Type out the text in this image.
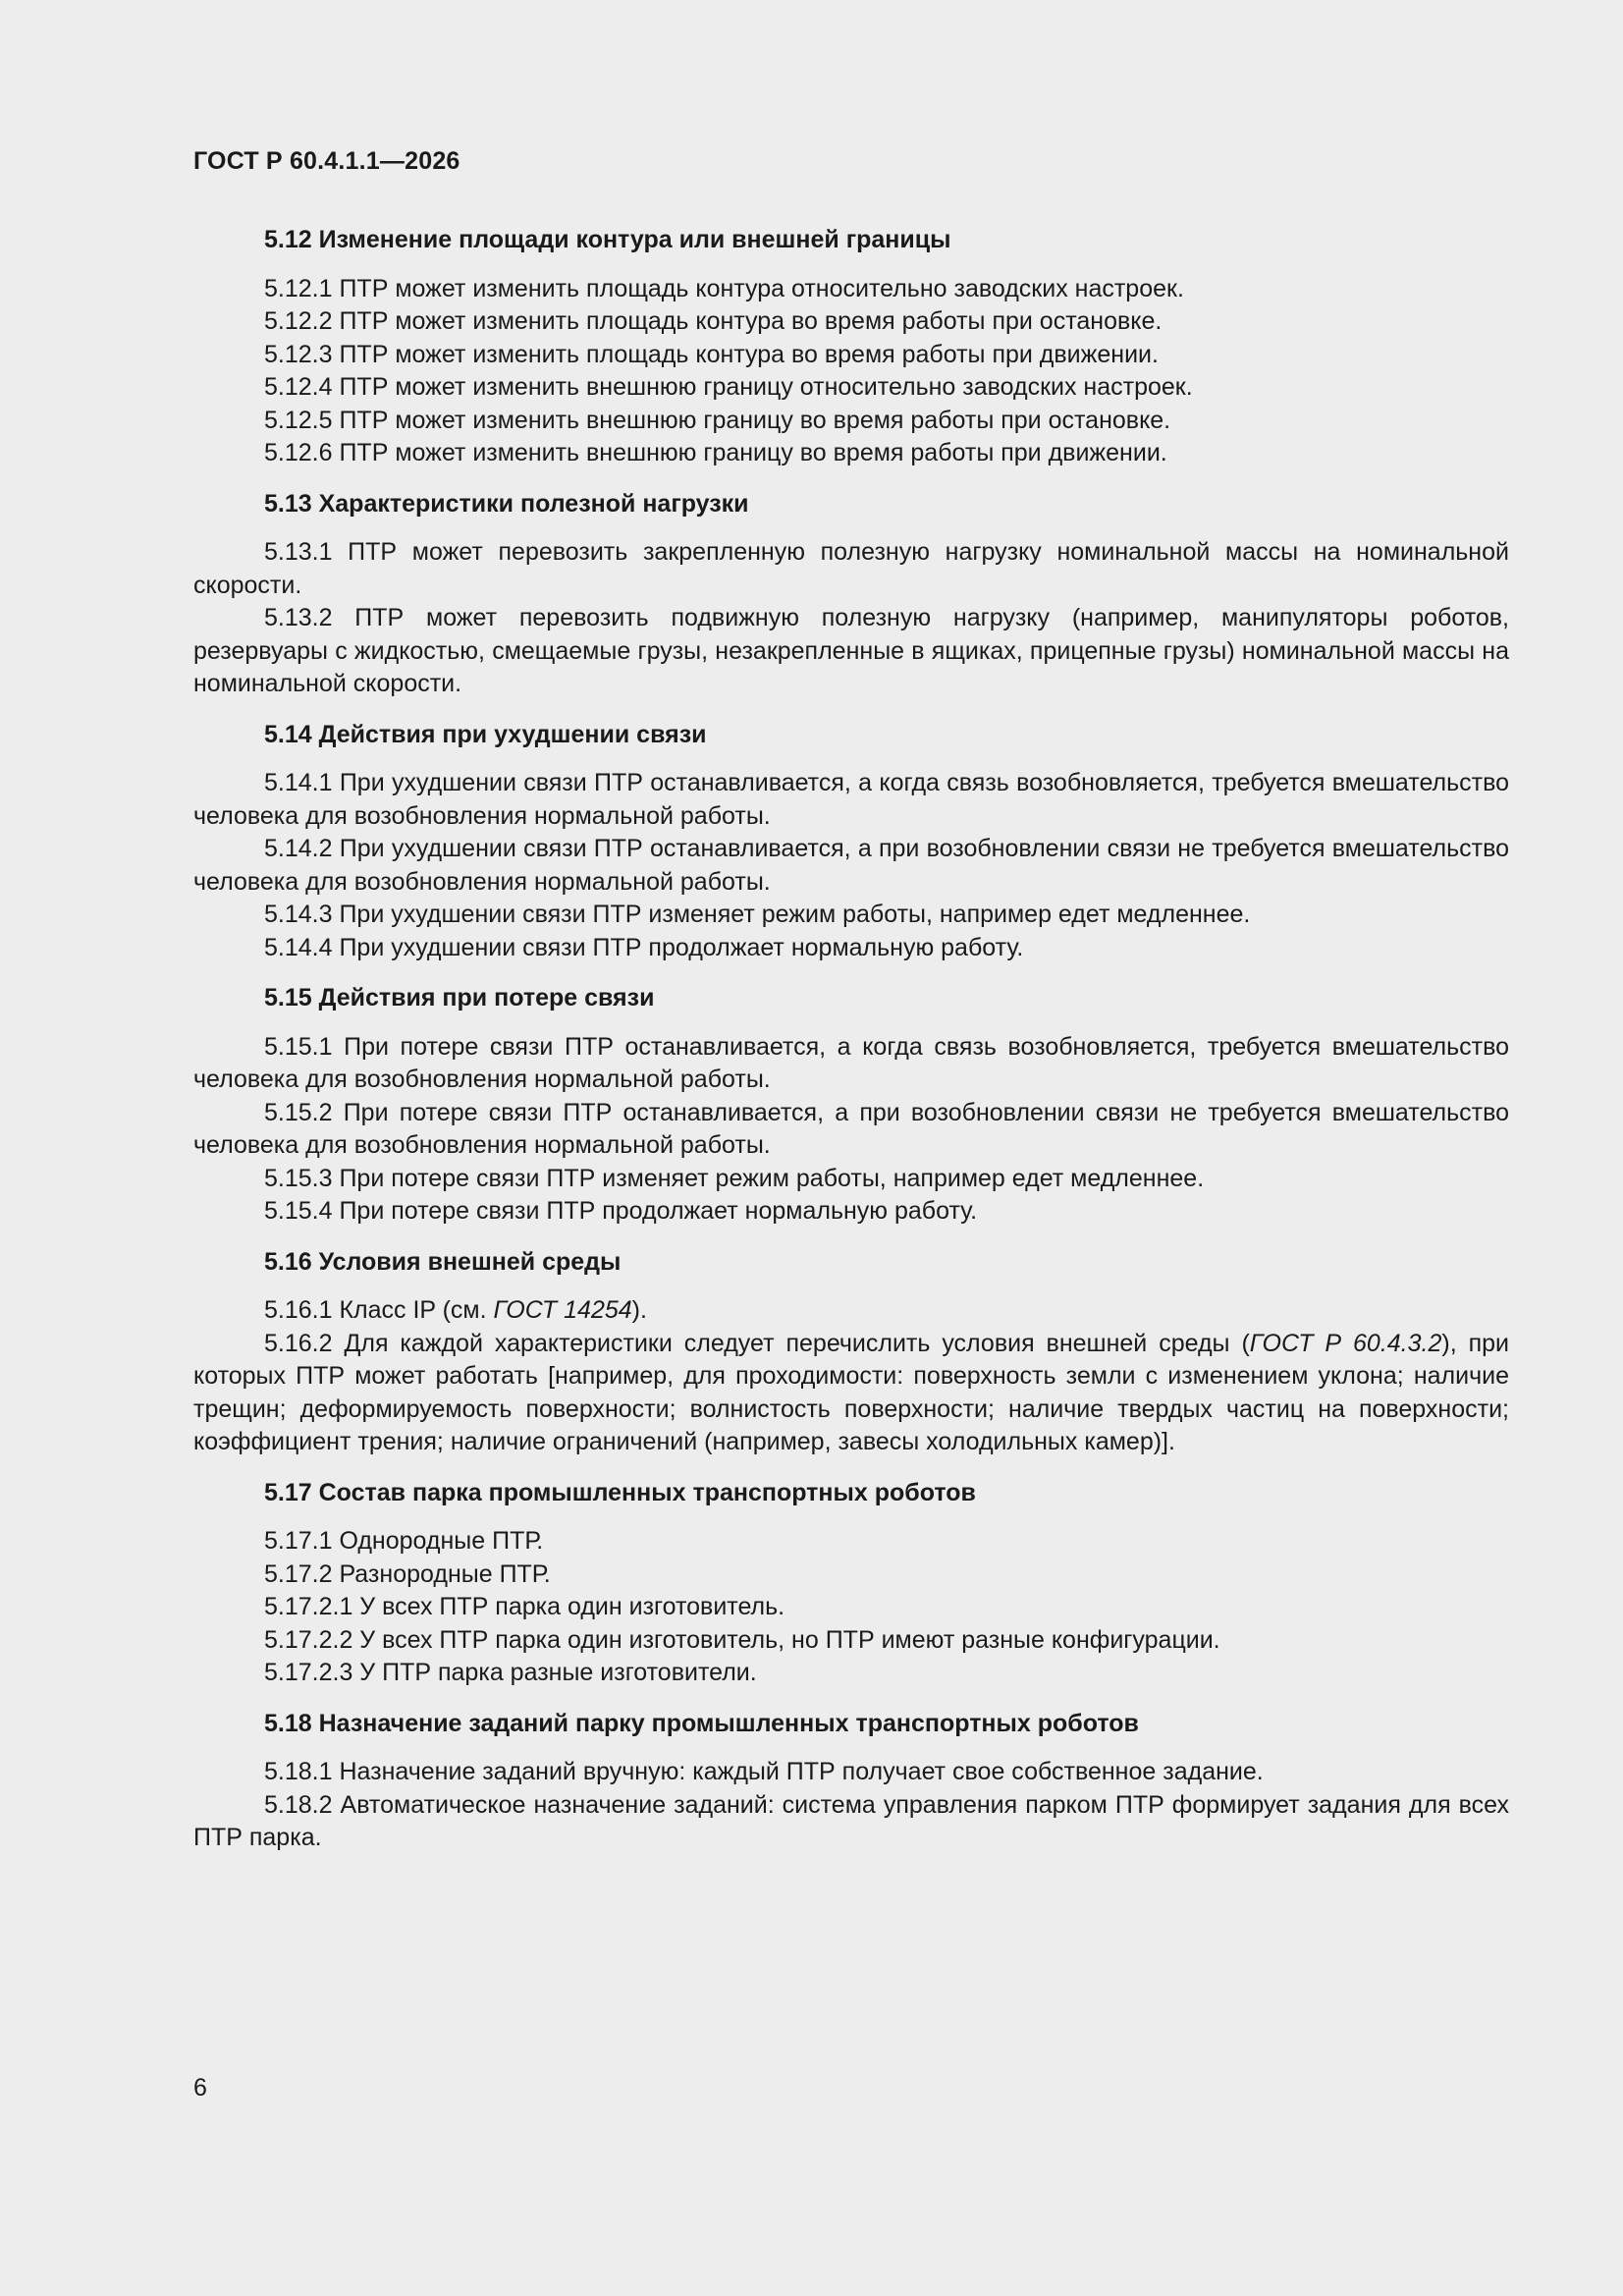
ГОСТ Р 60.4.1.1—2026

5.12 Изменение площади контура или внешней границы

5.12.1 ПТР может изменить площадь контура относительно заводских настроек.

5.12.2 ПТР может изменить площадь контура во время работы при остановке.

5.12.3 ПТР может изменить площадь контура во время работы при движении.

5.12.4 ПТР может изменить внешнюю границу относительно заводских настроек.

5.12.5 ПТР может изменить внешнюю границу во время работы при остановке.

5.12.6 ПТР может изменить внешнюю границу во время работы при движении.

5.13 Характеристики полезной нагрузки

5.13.1 ПТР может перевозить закрепленную полезную нагрузку номинальной массы на номинальной скорости.

5.13.2 ПТР может перевозить подвижную полезную нагрузку (например, манипуляторы роботов, резервуары с жидкостью, смещаемые грузы, незакрепленные в ящиках, прицепные грузы) номинальной массы на номинальной скорости.

5.14 Действия при ухудшении связи

5.14.1 При ухудшении связи ПТР останавливается, а когда связь возобновляется, требуется вмешательство человека для возобновления нормальной работы.

5.14.2 При ухудшении связи ПТР останавливается, а при возобновлении связи не требуется вмешательство человека для возобновления нормальной работы.

5.14.3 При ухудшении связи ПТР изменяет режим работы, например едет медленнее.

5.14.4 При ухудшении связи ПТР продолжает нормальную работу.

5.15 Действия при потере связи

5.15.1 При потере связи ПТР останавливается, а когда связь возобновляется, требуется вмешательство человека для возобновления нормальной работы.

5.15.2 При потере связи ПТР останавливается, а при возобновлении связи не требуется вмешательство человека для возобновления нормальной работы.

5.15.3 При потере связи ПТР изменяет режим работы, например едет медленнее.

5.15.4 При потере связи ПТР продолжает нормальную работу.

5.16 Условия внешней среды

5.16.1 Класс IP (см. ГОСТ 14254).

5.16.2 Для каждой характеристики следует перечислить условия внешней среды (ГОСТ Р 60.4.3.2), при которых ПТР может работать [например, для проходимости: поверхность земли с изменением уклона; наличие трещин; деформируемость поверхности; волнистость поверхности; наличие твердых частиц на поверхности; коэффициент трения; наличие ограничений (например, завесы холодильных камер)].

5.17 Состав парка промышленных транспортных роботов

5.17.1 Однородные ПТР.

5.17.2 Разнородные ПТР.

5.17.2.1 У всех ПТР парка один изготовитель.

5.17.2.2 У всех ПТР парка один изготовитель, но ПТР имеют разные конфигурации.

5.17.2.3 У ПТР парка разные изготовители.

5.18 Назначение заданий парку промышленных транспортных роботов

5.18.1 Назначение заданий вручную: каждый ПТР получает свое собственное задание.

5.18.2 Автоматическое назначение заданий: система управления парком ПТР формирует задания для всех ПТР парка.

6
